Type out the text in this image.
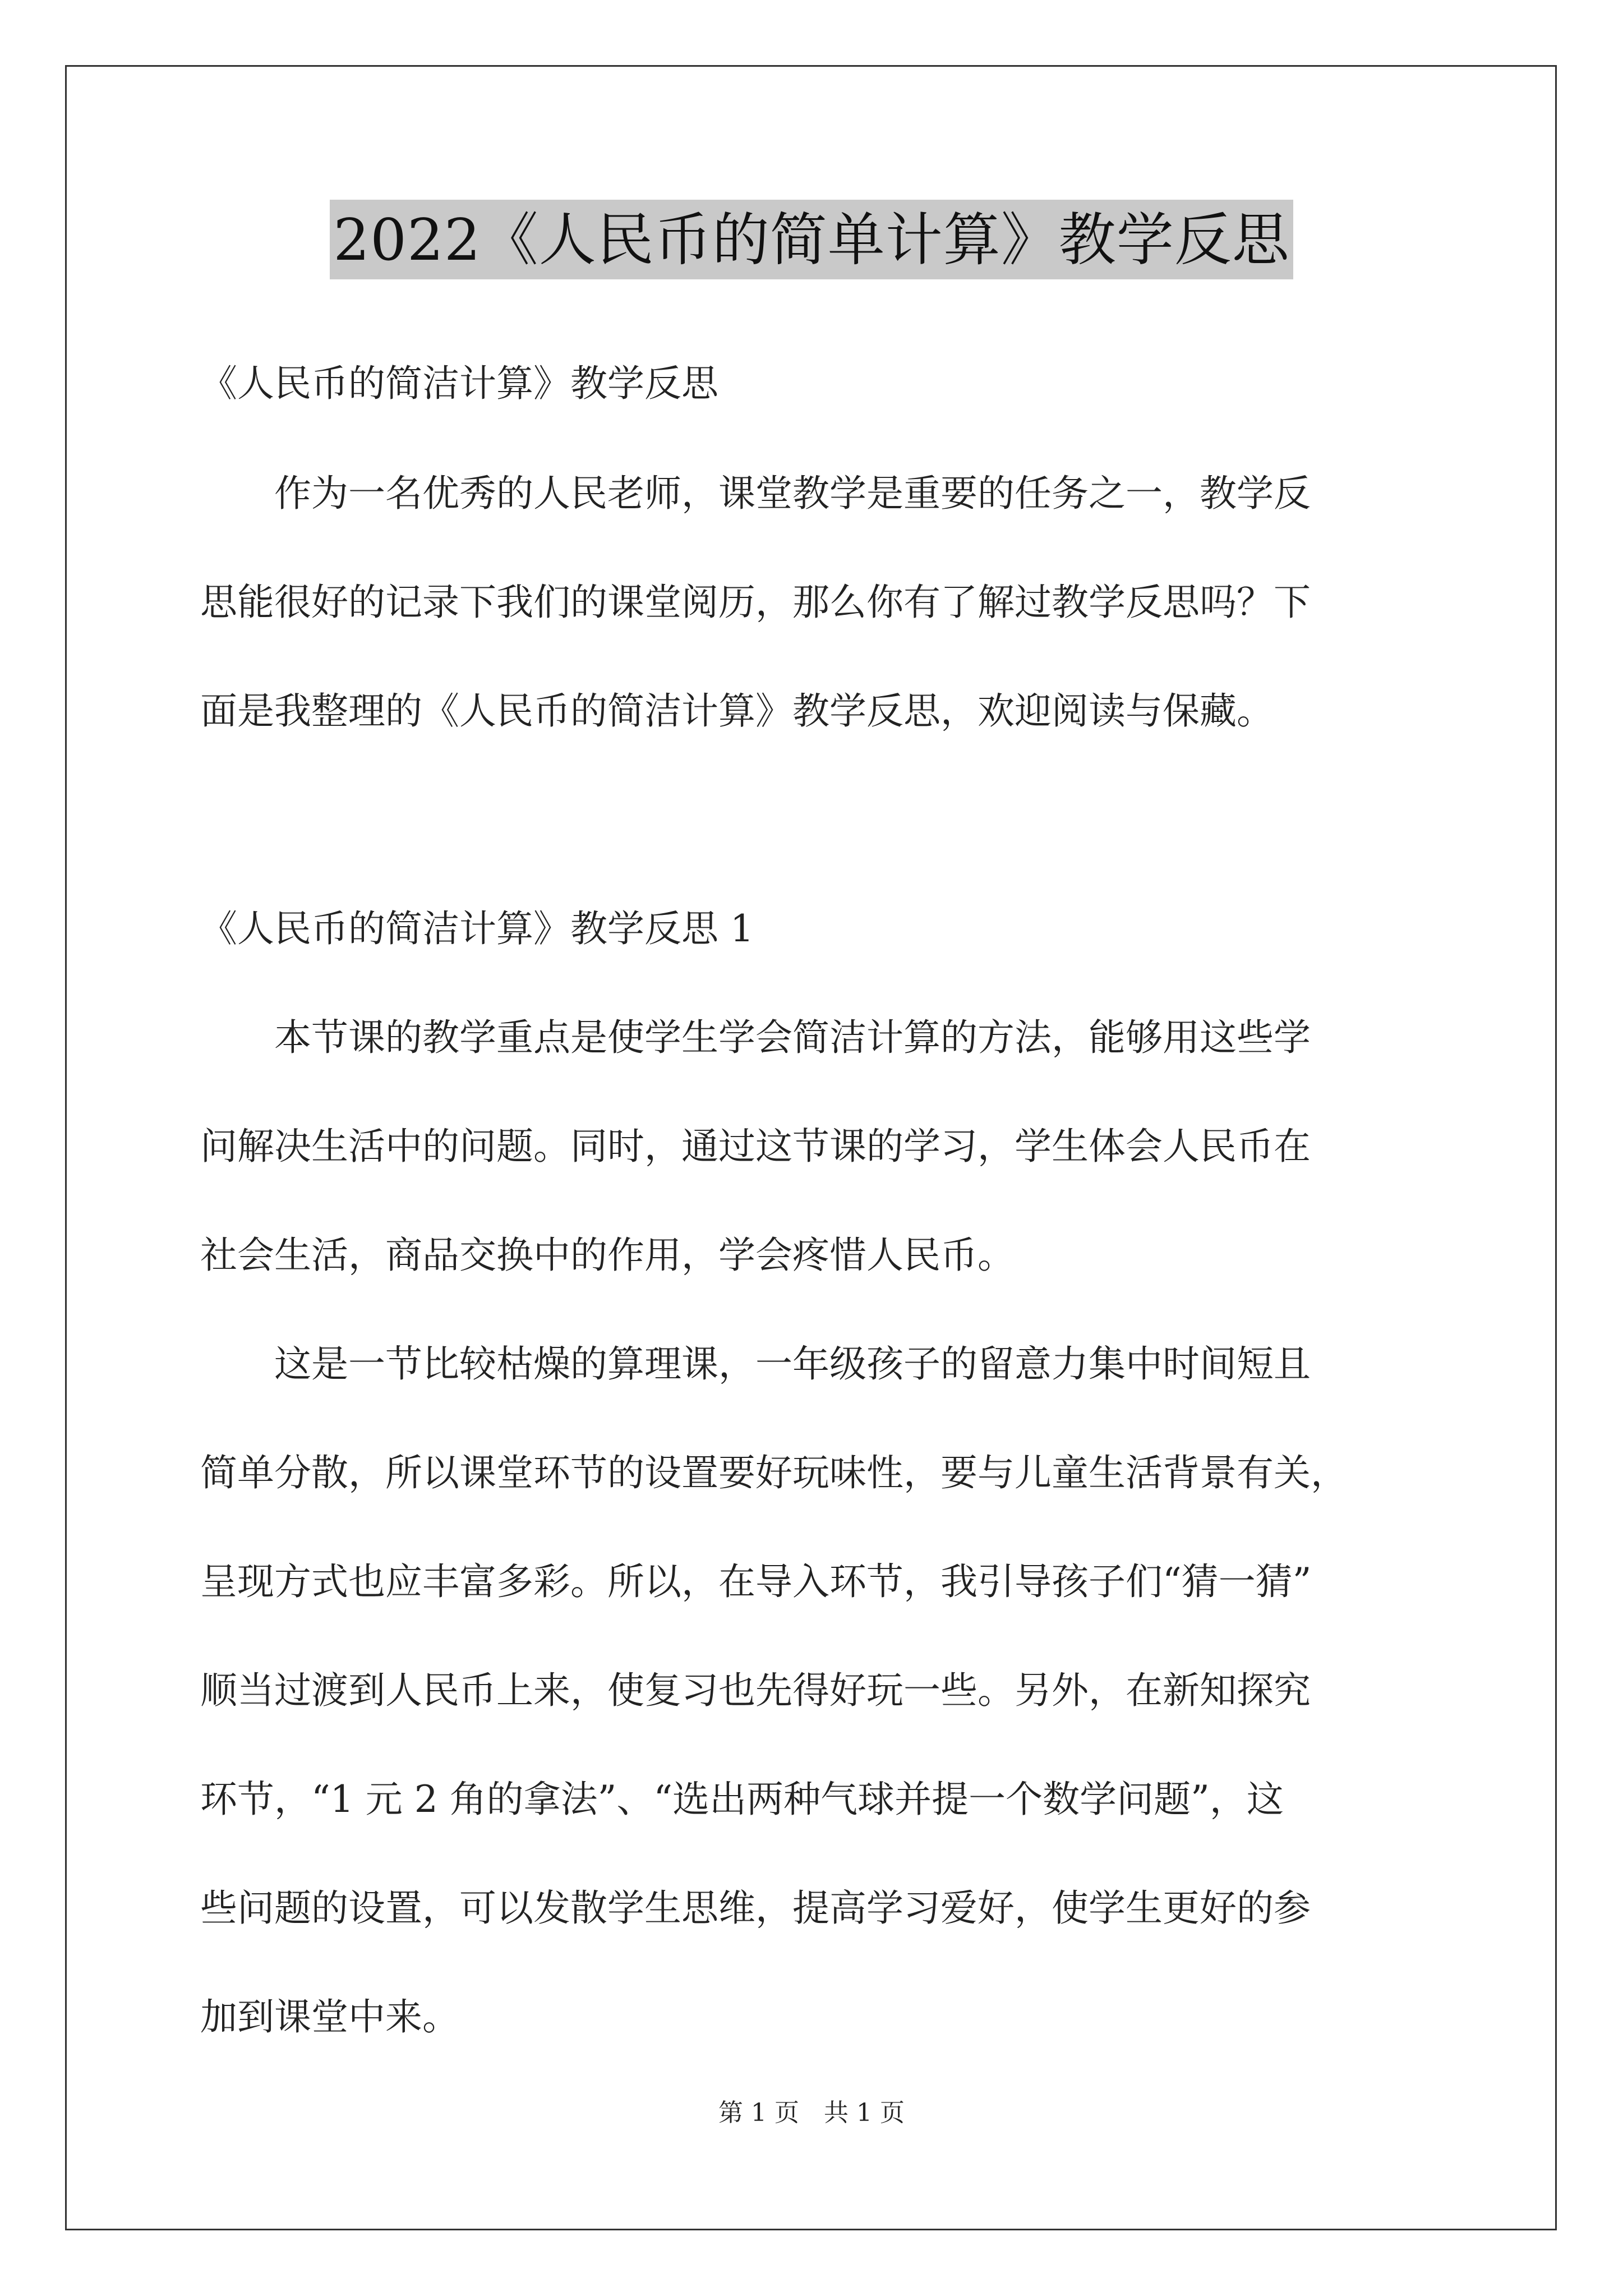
2022《人民币的简单计算》教学反思
《人民币的简洁计算》教学反思
　　作为一名优秀的人民老师，课堂教学是重要的任务之一，教学反
思能很好的记录下我们的课堂阅历，那么你有了解过教学反思吗？下
面是我整理的《人民币的简洁计算》教学反思，欢迎阅读与保藏。
《人民币的简洁计算》教学反思 1
　　本节课的教学重点是使学生学会简洁计算的方法，能够用这些学
问解决生活中的问题。同时，通过这节课的学习，学生体会人民币在
社会生活，商品交换中的作用，学会疼惜人民币。
　　这是一节比较枯燥的算理课，一年级孩子的留意力集中时间短且
简单分散，所以课堂环节的设置要好玩味性，要与儿童生活背景有关，
呈现方式也应丰富多彩。所以，在导入环节，我引导孩子们“猜一猜”
顺当过渡到人民币上来，使复习也先得好玩一些。另外，在新知探究
环节，“1 元 2 角的拿法”、“选出两种气球并提一个数学问题”，这
些问题的设置，可以发散学生思维，提高学习爱好，使学生更好的参
加到课堂中来。
第 1 页　共 1 页
